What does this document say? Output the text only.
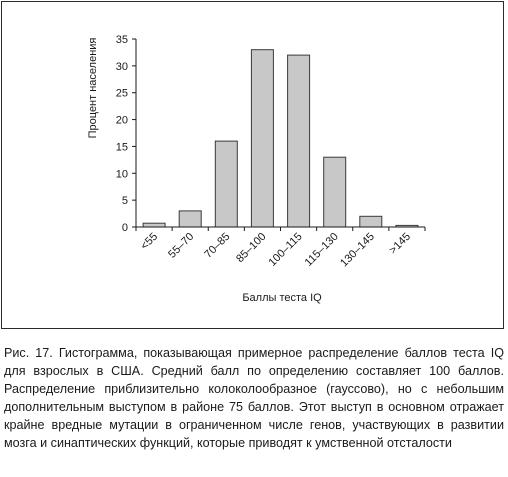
0
5
10
15
20
25
30
35
<55 55–70 70–85 85–100
100–115
115–130
130–145 >145
Процент населения
Баллы теста IQ

Рис. 17. Гистограмма, показывающая примерное распределение баллов теста IQ для взрослых в США. Средний балл по определению составляет 100 баллов. Распределение приблизительно колоколообразное (гауссово), но с небольшим дополнительным выступом в районе 75 баллов. Этот выступ в основном отражает крайне вредные мутации в ограниченном числе генов, участвующих в развитии мозга и синаптических функций, которые приводят к умственной отсталости
